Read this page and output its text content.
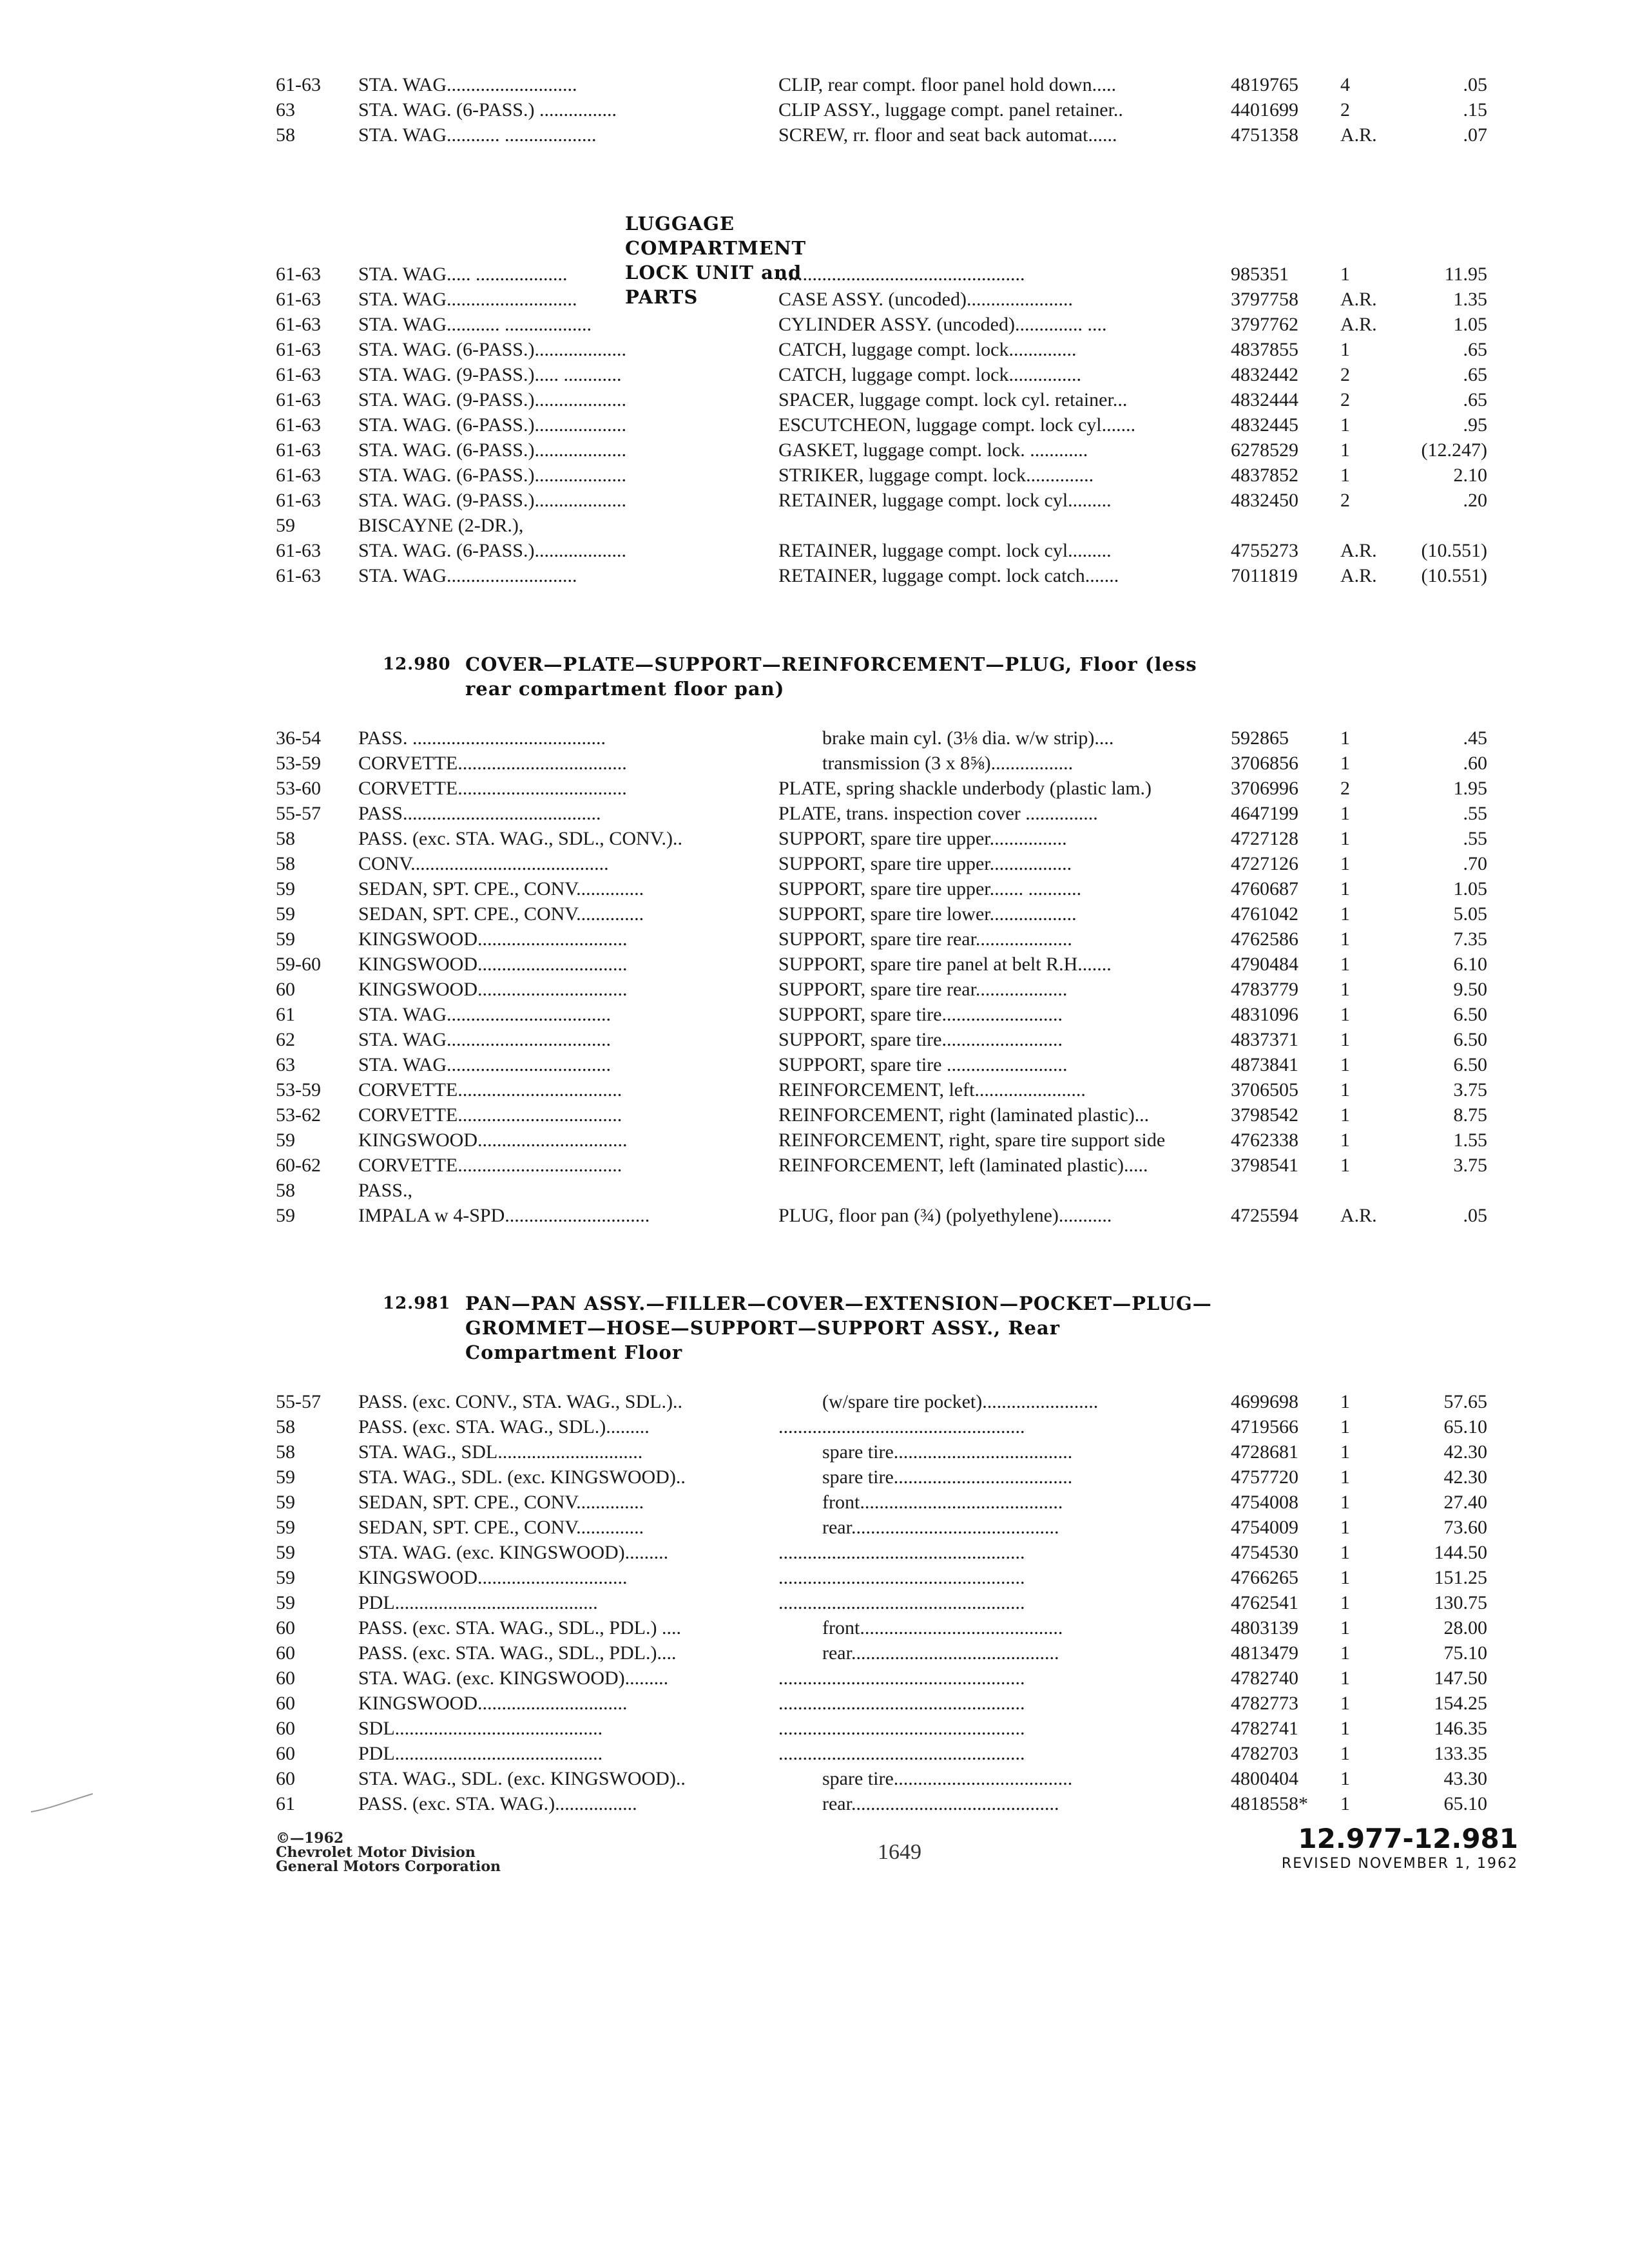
61-63 STA. WAG...........................	CLIP, rear compt. floor panel hold down.....	4819765	4	.05
63	STA. WAG. (6-PASS.) ................	CLIP ASSY., luggage compt. panel retainer..	4401699	2	.15
58	STA. WAG........... ...................	SCREW, rr. floor and seat back automat......	4751358	A.R.	.07
LUGGAGE COMPARTMENT LOCK UNIT and PARTS
61-63 STA. WAG..... ...................	...................................................	985351	1	11.95
61-63 STA. WAG...........................	CASE ASSY. (uncoded)......................	3797758	A.R.	1.35
61-63 STA. WAG........... ..................	CYLINDER ASSY. (uncoded).............. ....	3797762	A.R.	1.05
61-63 STA. WAG. (6-PASS.)...................	CATCH, luggage compt. lock..............	4837855	1	.65
61-63 STA. WAG. (9-PASS.)..... ............	CATCH, luggage compt. lock...............	4832442	2	.65
61-63 STA. WAG. (9-PASS.)...................	SPACER, luggage compt. lock cyl. retainer...	4832444	2	.65
61-63 STA. WAG. (6-PASS.)...................	ESCUTCHEON, luggage compt. lock cyl.......	4832445	1	.95
61-63 STA. WAG. (6-PASS.)...................	GASKET, luggage compt. lock. ............	6278529	1	(12.247)
61-63 STA. WAG. (6-PASS.)...................	STRIKER, luggage compt. lock..............	4837852	1	2.10
61-63 STA. WAG. (9-PASS.)...................	RETAINER, luggage compt. lock cyl.........	4832450	2	.20
59	BISCAYNE (2-DR.),
61-63 STA. WAG. (6-PASS.)...................	RETAINER, luggage compt. lock cyl.........	4755273	A.R.	(10.551)
61-63 STA. WAG...........................	RETAINER, luggage compt. lock catch.......	7011819	A.R.	(10.551)
12.980 COVER—PLATE—SUPPORT—REINFORCEMENT—PLUG, Floor (less
rear compartment floor pan)
36-54 PASS. ........................................	brake main cyl. (3⅛ dia. w/w strip)....	592865	1	.45
53-59 CORVETTE...................................	transmission (3 x 8⅝).................	3706856	1	.60
53-60 CORVETTE...................................	PLATE, spring shackle underbody (plastic lam.)	3706996	2	1.95
55-57 PASS.........................................	PLATE, trans. inspection cover ...............	4647199	1	.55
58	PASS. (exc. STA. WAG., SDL., CONV.)..	SUPPORT, spare tire upper................	4727128	1	.55
58	CONV.........................................	SUPPORT, spare tire upper.................	4727126	1	.70
59	SEDAN, SPT. CPE., CONV..............	SUPPORT, spare tire upper....... ...........	4760687	1	1.05
59	SEDAN, SPT. CPE., CONV..............	SUPPORT, spare tire lower..................	4761042	1	5.05
59	KINGSWOOD...............................	SUPPORT, spare tire rear....................	4762586	1	7.35
59-60 KINGSWOOD...............................	SUPPORT, spare tire panel at belt R.H.......	4790484	1	6.10
60	KINGSWOOD...............................	SUPPORT, spare tire rear...................	4783779	1	9.50
61	STA. WAG..................................	SUPPORT, spare tire.........................	4831096	1	6.50
62	STA. WAG..................................	SUPPORT, spare tire.........................	4837371	1	6.50
63	STA. WAG..................................	SUPPORT, spare tire .........................	4873841	1	6.50
53-59 CORVETTE..................................	REINFORCEMENT, left.......................	3706505	1	3.75
53-62 CORVETTE..................................	REINFORCEMENT, right (laminated plastic)...	3798542	1	8.75
59	KINGSWOOD...............................	REINFORCEMENT, right, spare tire support side	4762338	1	1.55
60-62 CORVETTE..................................	REINFORCEMENT, left (laminated plastic).....	3798541	1	3.75
58	PASS.,
59	IMPALA w 4-SPD..............................	PLUG, floor pan (¾) (polyethylene)...........	4725594	A.R.	.05
12.981 PAN—PAN ASSY.—FILLER—COVER—EXTENSION—POCKET—PLUG—
GROMMET—HOSE—SUPPORT—SUPPORT ASSY., Rear
Compartment Floor
55-57 PASS. (exc. CONV., STA. WAG., SDL.)..	(w/spare tire pocket)........................	4699698	1	57.65
58	PASS. (exc. STA. WAG., SDL.).........	...................................................	4719566	1	65.10
58	STA. WAG., SDL..............................	spare tire.....................................	4728681	1	42.30
59	STA. WAG., SDL. (exc. KINGSWOOD)..	spare tire.....................................	4757720	1	42.30
59	SEDAN, SPT. CPE., CONV..............	front..........................................	4754008	1	27.40
59	SEDAN, SPT. CPE., CONV..............	rear...........................................	4754009	1	73.60
59	STA. WAG. (exc. KINGSWOOD).........	...................................................	4754530	1	144.50
59	KINGSWOOD...............................	...................................................	4766265	1	151.25
59	PDL..........................................	...................................................	4762541	1	130.75
60	PASS. (exc. STA. WAG., SDL., PDL.) ....	front..........................................	4803139	1	28.00
60	PASS. (exc. STA. WAG., SDL., PDL.)....	rear...........................................	4813479	1	75.10
60	STA. WAG. (exc. KINGSWOOD).........	...................................................	4782740	1	147.50
60	KINGSWOOD...............................	...................................................	4782773	1	154.25
60	SDL...........................................	...................................................	4782741	1	146.35
60	PDL...........................................	...................................................	4782703	1	133.35
60	STA. WAG., SDL. (exc. KINGSWOOD)..	spare tire.....................................	4800404	1	43.30
61	PASS. (exc. STA. WAG.).................	rear...........................................	4818558*	1	65.10
©—1962
Chevrolet Motor Division
General Motors Corporation
1649	12.977-12.981
REVISED NOVEMBER 1, 1962
